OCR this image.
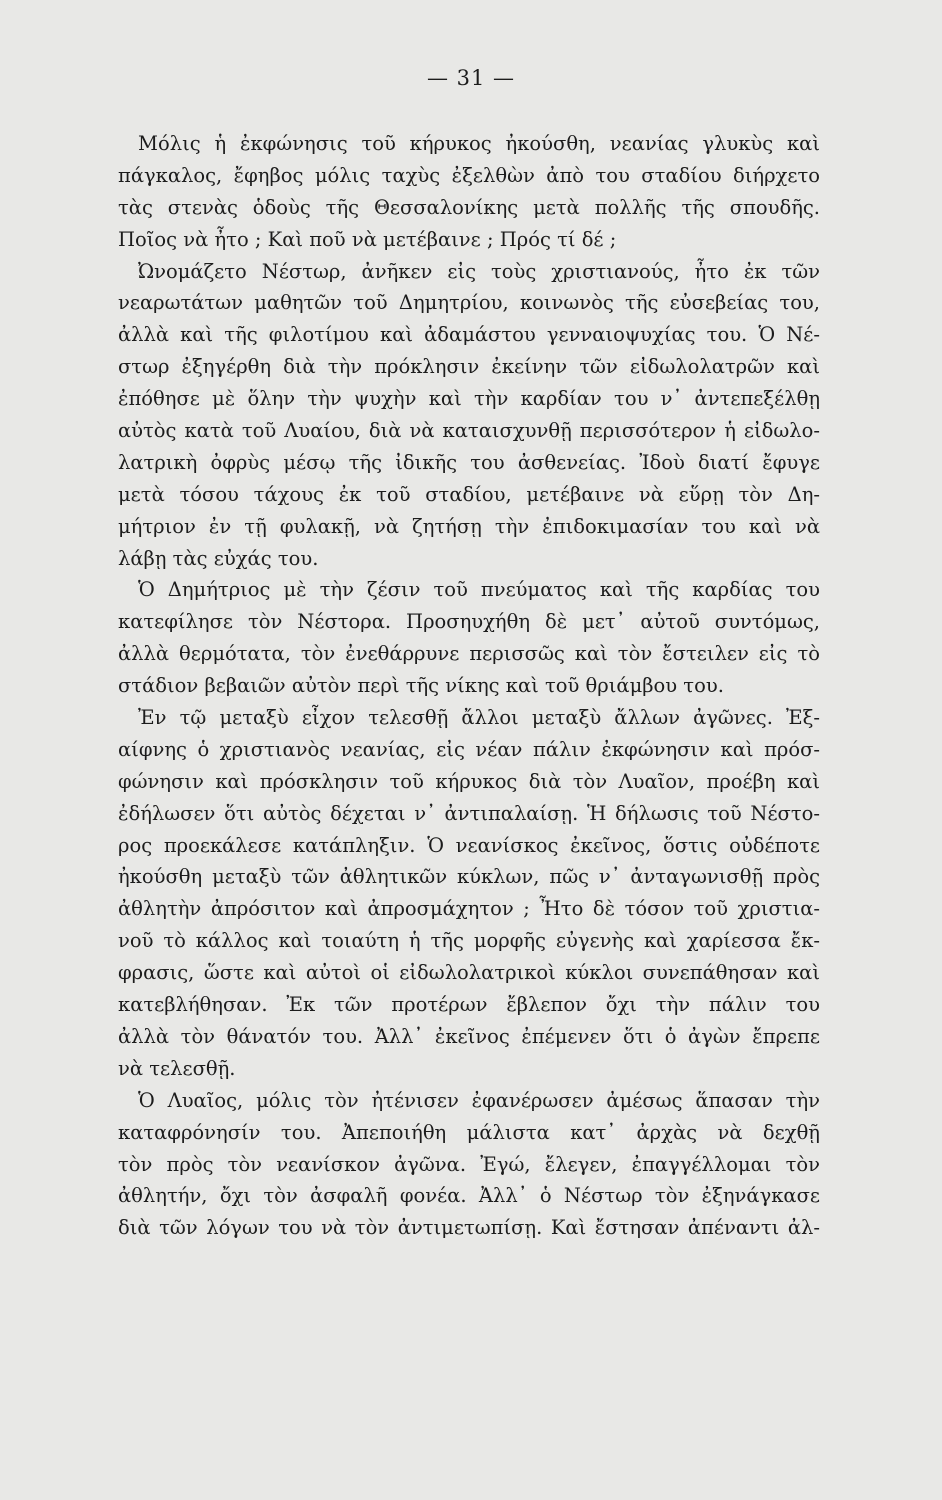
— 31 —
Μόλις ἡ ἐκφώνησις τοῦ κήρυκος ἠκούσθη, νεανίας γλυκὺς καὶ
πάγκαλος, ἔφηβος μόλις ταχὺς ἐξελθὼν ἀπὸ του σταδίου διήρχετο
τὰς στενὰς ὁδοὺς τῆς Θεσσαλονίκης μετὰ πολλῆς τῆς σπουδῆς.
Ποῖος νὰ ἦτο ; Καὶ ποῦ νὰ μετέβαινε ; Πρός τί δέ ;
Ὠνομάζετο Νέστωρ, ἀνῆκεν εἰς τοὺς χριστιανούς, ἦτο ἐκ τῶν
νεαρωτάτων μαθητῶν τοῦ Δημητρίου, κοινωνὸς τῆς εὐσεβείας του,
ἀλλὰ καὶ τῆς φιλοτίμου καὶ ἀδαμάστου γενναιοψυχίας του. Ὁ Νέ-
στωρ ἐξηγέρθη διὰ τὴν πρόκλησιν ἐκείνην τῶν εἰδωλολατρῶν καὶ
ἐπόθησε μὲ ὅλην τὴν ψυχὴν καὶ τὴν καρδίαν του ν᾽ ἀντεπεξέλθῃ
αὐτὸς κατὰ τοῦ Λυαίου, διὰ νὰ καταισχυνθῇ περισσότερον ἡ εἰδωλο-
λατρικὴ ὀφρὺς μέσῳ τῆς ἰδικῆς του ἀσθενείας. Ἰδοὺ διατί ἔφυγε
μετὰ τόσου τάχους ἐκ τοῦ σταδίου, μετέβαινε νὰ εὕρῃ τὸν Δη-
μήτριον ἐν τῇ φυλακῇ, νὰ ζητήσῃ τὴν ἐπιδοκιμασίαν του καὶ νὰ
λάβῃ τὰς εὐχάς του.
Ὁ Δημήτριος μὲ τὴν ζέσιν τοῦ πνεύματος καὶ τῆς καρδίας του
κατεφίλησε τὸν Νέστορα. Προσηυχήθη δὲ μετ᾽ αὐτοῦ συντόμως,
ἀλλὰ θερμότατα, τὸν ἐνεθάρρυνε περισσῶς καὶ τὸν ἔστειλεν εἰς τὸ
στάδιον βεβαιῶν αὐτὸν περὶ τῆς νίκης καὶ τοῦ θριάμβου του.
Ἐν τῷ μεταξὺ εἶχον τελεσθῇ ἄλλοι μεταξὺ ἄλλων ἀγῶνες. Ἐξ-
αίφνης ὁ χριστιανὸς νεανίας, εἰς νέαν πάλιν ἐκφώνησιν καὶ πρόσ-
φώνησιν καὶ πρόσκλησιν τοῦ κήρυκος διὰ τὸν Λυαῖον, προέβη καὶ
ἐδήλωσεν ὅτι αὐτὸς δέχεται ν᾽ ἀντιπαλαίσῃ. Ἡ δήλωσις τοῦ Νέστο-
ρος προεκάλεσε κατάπληξιν. Ὁ νεανίσκος ἐκεῖνος, ὅστις οὐδέποτε
ἠκούσθη μεταξὺ τῶν ἀθλητικῶν κύκλων, πῶς ν᾽ ἀνταγωνισθῇ πρὸς
ἀθλητὴν ἀπρόσιτον καὶ ἀπροσμάχητον ; Ἦτο δὲ τόσον τοῦ χριστια-
νοῦ τὸ κάλλος καὶ τοιαύτη ἡ τῆς μορφῆς εὐγενὴς καὶ χαρίεσσα ἔκ-
φρασις, ὥστε καὶ αὐτοὶ οἱ εἰδωλολατρικοὶ κύκλοι συνεπάθησαν καὶ
κατεβλήθησαν. Ἐκ τῶν προτέρων ἔβλεπον ὄχι τὴν πάλιν του
ἀλλὰ τὸν θάνατόν του. Ἀλλ᾽ ἐκεῖνος ἐπέμενεν ὅτι ὁ ἀγὼν ἔπρεπε
νὰ τελεσθῇ.
Ὁ Λυαῖος, μόλις τὸν ἠτένισεν ἐφανέρωσεν ἀμέσως ἅπασαν τὴν
καταφρόνησίν του. Ἀπεποιήθη μάλιστα κατ᾽ ἀρχὰς νὰ δεχθῇ
τὸν πρὸς τὸν νεανίσκον ἀγῶνα. Ἐγώ, ἔλεγεν, ἐπαγγέλλομαι τὸν
ἀθλητήν, ὄχι τὸν ἀσφαλῆ φονέα. Ἀλλ᾽ ὁ Νέστωρ τὸν ἐξηνάγκασε
διὰ τῶν λόγων του νὰ τὸν ἀντιμετωπίσῃ. Καὶ ἔστησαν ἀπέναντι ἀλ-
